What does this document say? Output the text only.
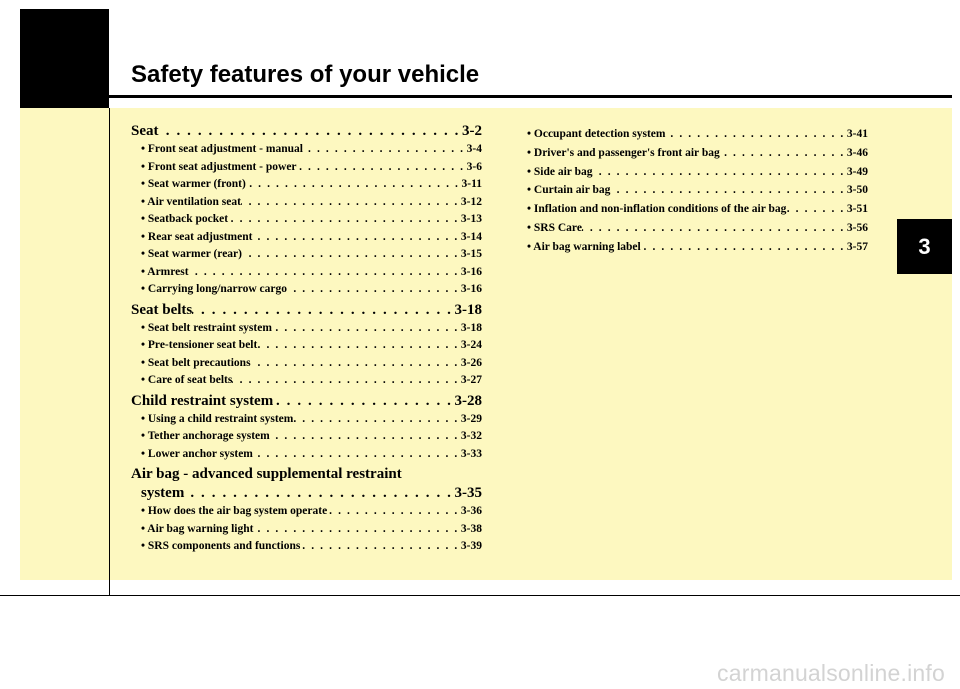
Safety features of your vehicle
3
Seat . . .	3-2
• Front seat adjustment - manual . . .	3-4
• Front seat adjustment - power . . .	3-6
• Seat warmer (front) . . .	3-11
• Air ventilation seat . . .	3-12
• Seatback pocket . . .	3-13
• Rear seat adjustment . . .	3-14
• Seat warmer (rear) . . .	3-15
• Armrest . . .	3-16
• Carrying long/narrow cargo . . .	3-16
Seat belts . . .	3-18
• Seat belt restraint system . . .	3-18
• Pre-tensioner seat belt . . .	3-24
• Seat belt precautions . . .	3-26
• Care of seat belts . . .	3-27
Child restraint system . . .	3-28
• Using a child restraint system . . .	3-29
• Tether anchorage system . . .	3-32
• Lower anchor system . . .	3-33
Air bag - advanced supplemental restraint
system . . .	3-35
• How does the air bag system operate . . .	3-36
• Air bag warning light . . .	3-38
• SRS components and functions . . .	3-39
• Occupant detection system . . .	3-41
• Driver's and passenger's front air bag . . .	3-46
• Side air bag . . .	3-49
• Curtain air bag . . .	3-50
• Inflation and non-inflation conditions of the air bag . . .	3-51
• SRS Care . . .	3-56
• Air bag warning label . . .	3-57
carmanualsonline.info
